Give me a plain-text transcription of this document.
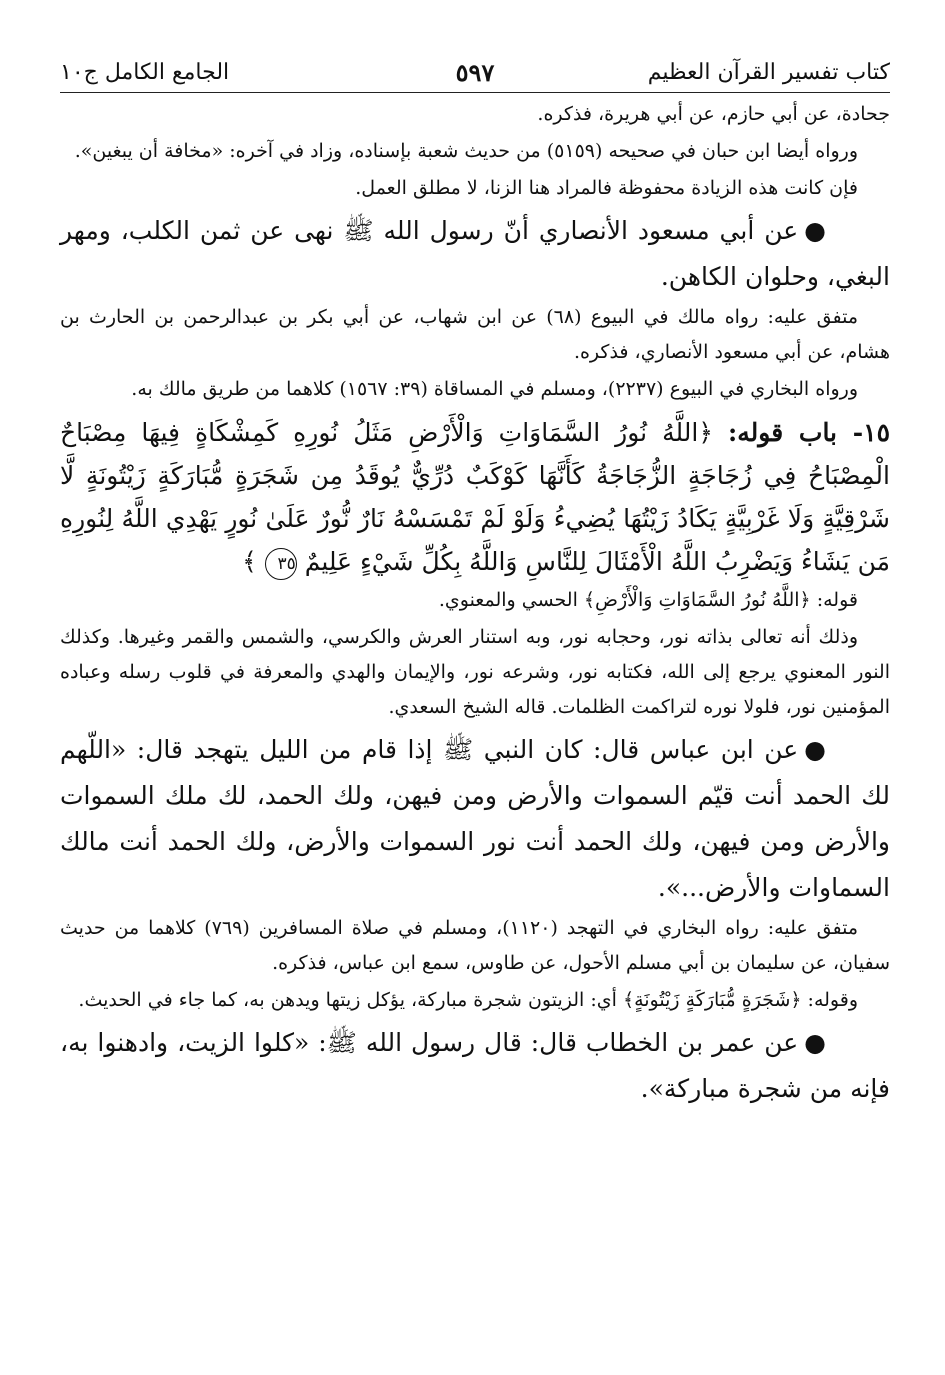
كتاب تفسير القرآن العظيم
٥٩٧
الجامع الكامل ج١٠

جحادة، عن أبي حازم، عن أبي هريرة، فذكره.

ورواه أيضا ابن حبان في صحيحه (٥١٥٩) من حديث شعبة بإسناده، وزاد في آخره: «مخافة أن يبغين».

فإن كانت هذه الزيادة محفوظة فالمراد هنا الزنا، لا مطلق العمل.

●عن أبي مسعود الأنصاري أنّ رسول الله ﷺ نهى عن ثمن الكلب، ومهر البغي، وحلوان الكاهن.

متفق عليه: رواه مالك في البيوع (٦٨) عن ابن شهاب، عن أبي بكر بن عبدالرحمن بن الحارث بن هشام، عن أبي مسعود الأنصاري، فذكره.

ورواه البخاري في البيوع (٢٢٣٧)، ومسلم في المساقاة (٣٩: ١٥٦٧) كلاهما من طريق مالك به.

١٥- باب قوله: ﴿اللَّهُ نُورُ السَّمَاوَاتِ وَالْأَرْضِ مَثَلُ نُورِهِ كَمِشْكَاةٍ فِيهَا مِصْبَاحٌ الْمِصْبَاحُ فِي زُجَاجَةٍ الزُّجَاجَةُ كَأَنَّهَا كَوْكَبٌ دُرِّيٌّ يُوقَدُ مِن شَجَرَةٍ مُّبَارَكَةٍ زَيْتُونَةٍ لَّا شَرْقِيَّةٍ وَلَا غَرْبِيَّةٍ يَكَادُ زَيْتُهَا يُضِيءُ وَلَوْ لَمْ تَمْسَسْهُ نَارٌ نُّورٌ عَلَىٰ نُورٍ يَهْدِي اللَّهُ لِنُورِهِ مَن يَشَاءُ وَيَضْرِبُ اللَّهُ الْأَمْثَالَ لِلنَّاسِ وَاللَّهُ بِكُلِّ شَيْءٍ عَلِيمٌ ٣٥ ﴾

قوله: ﴿اللَّهُ نُورُ السَّمَاوَاتِ وَالْأَرْضِ﴾ الحسي والمعنوي.

وذلك أنه تعالى بذاته نور، وحجابه نور، وبه استنار العرش والكرسي، والشمس والقمر وغيرها. وكذلك النور المعنوي يرجع إلى الله، فكتابه نور، وشرعه نور، والإيمان والهدي والمعرفة في قلوب رسله وعباده المؤمنين نور، فلولا نوره لتراكمت الظلمات. قاله الشيخ السعدي.

●عن ابن عباس قال: كان النبي ﷺ إذا قام من الليل يتهجد قال: «اللّهم لك الحمد أنت قيّم السموات والأرض ومن فيهن، ولك الحمد، لك ملك السموات والأرض ومن فيهن، ولك الحمد أنت نور السموات والأرض، ولك الحمد أنت مالك السماوات والأرض...».

متفق عليه: رواه البخاري في التهجد (١١٢٠)، ومسلم في صلاة المسافرين (٧٦٩) كلاهما من حديث سفيان، عن سليمان بن أبي مسلم الأحول، عن طاوس، سمع ابن عباس، فذكره.

وقوله: ﴿شَجَرَةٍ مُّبَارَكَةٍ زَيْتُونَةٍ﴾ أي: الزيتون شجرة مباركة، يؤكل زيتها ويدهن به، كما جاء في الحديث.

●عن عمر بن الخطاب قال: قال رسول الله ﷺ: «كلوا الزيت، وادهنوا به، فإنه من شجرة مباركة».
